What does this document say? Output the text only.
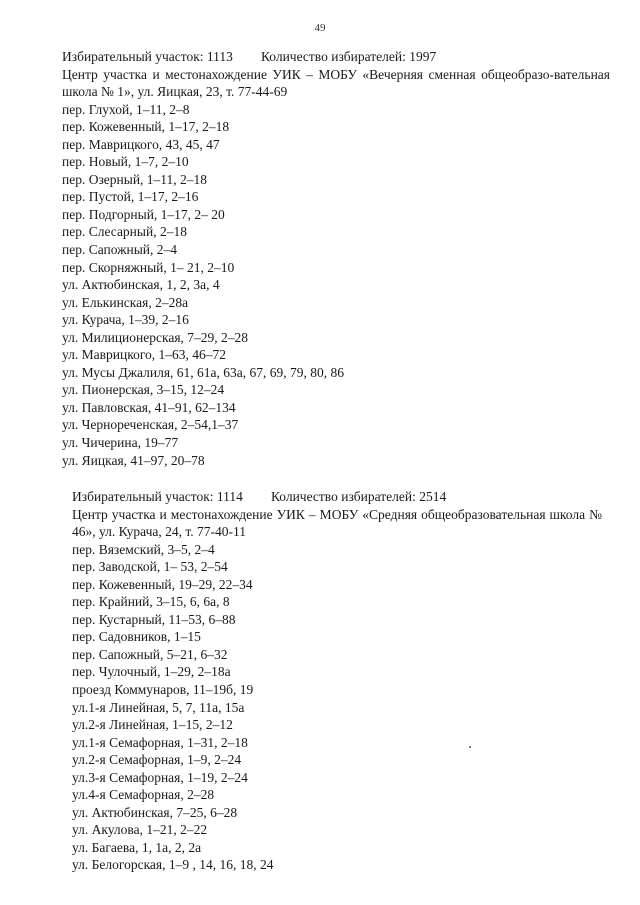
49
Избирательный участок: 1113 Количество избирателей: 1997
Центр участка и местонахождение УИК – МОБУ «Вечерняя сменная общеобразо-вательная школа № 1», ул. Яицкая, 23, т. 77-44-69
пер. Глухой, 1–11, 2–8
пер. Кожевенный, 1–17, 2–18
пер. Маврицкого, 43, 45, 47
пер. Новый, 1–7, 2–10
пер. Озерный, 1–11, 2–18
пер. Пустой, 1–17, 2–16
пер. Подгорный, 1–17, 2– 20
пер. Слесарный, 2–18
пер. Сапожный, 2–4
пер. Скорняжный, 1– 21, 2–10
ул. Актюбинская, 1, 2, 3а, 4
ул. Елькинская, 2–28а
ул. Курача, 1–39, 2–16
ул. Милиционерская, 7–29, 2–28
ул. Маврицкого, 1–63, 46–72
ул. Мусы Джалиля, 61, 61а, 63а, 67, 69, 79, 80, 86
ул. Пионерская, 3–15, 12–24
ул. Павловская, 41–91, 62–134
ул. Чернореченская, 2–54,1–37
ул. Чичерина, 19–77
ул. Яицкая, 41–97, 20–78
Избирательный участок: 1114 Количество избирателей: 2514
Центр участка и местонахождение УИК – МОБУ «Средняя общеобразовательная школа № 46», ул. Курача, 24, т. 77-40-11
пер. Вяземский, 3–5, 2–4
пер. Заводской, 1– 53, 2–54
пер. Кожевенный, 19–29, 22–34
пер. Крайний, 3–15, 6, 6а, 8
пер. Кустарный, 11–53, 6–88
пер. Садовников, 1–15
пер. Сапожный, 5–21, 6–32
пер. Чулочный, 1–29, 2–18а
проезд Коммунаров, 11–19б, 19
ул.1-я Линейная, 5, 7, 11а, 15а
ул.2-я Линейная, 1–15, 2–12
ул.1-я Семафорная, 1–31, 2–18
ул.2-я Семафорная, 1–9, 2–24
ул.3-я Семафорная, 1–19, 2–24
ул.4-я Семафорная, 2–28
ул. Актюбинская, 7–25, 6–28
ул. Акулова, 1–21, 2–22
ул. Багаева, 1, 1а, 2, 2а
ул. Белогорская, 1–9 , 14, 16, 18, 24
